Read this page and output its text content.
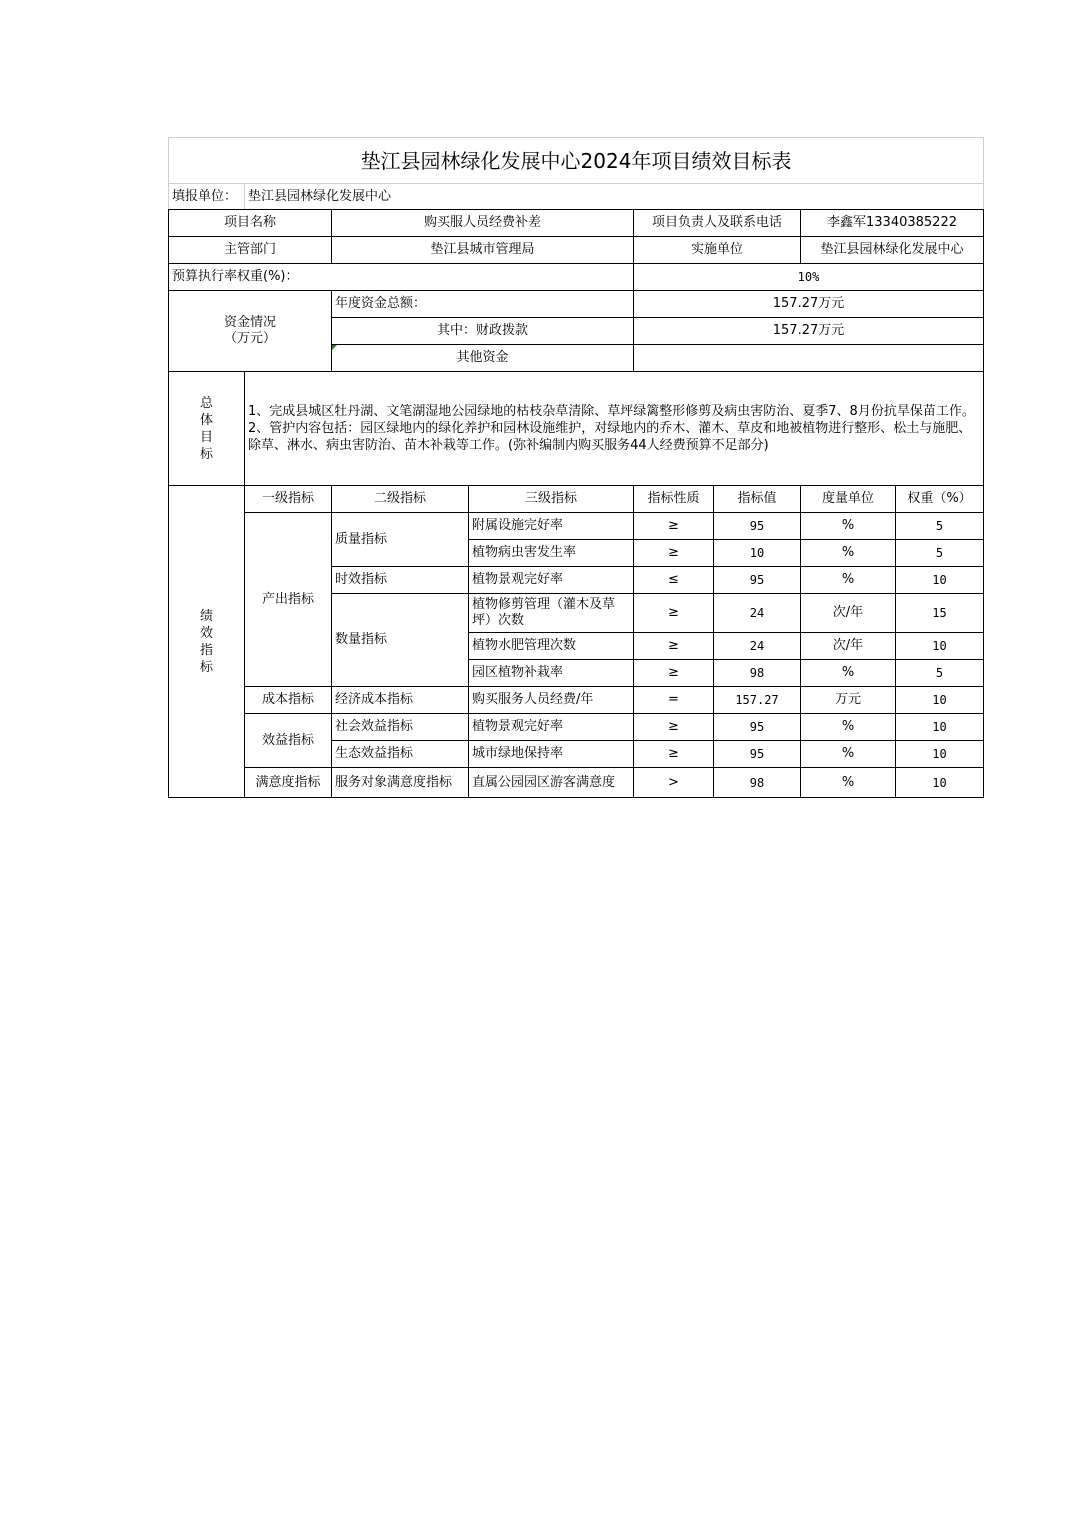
垫江县园林绿化发展中心2024年项目绩效目标表							
填报单位：	垫江县园林绿化发展中心						
项目名称		购买服人员经费补差		项目负责人及联系电话		李鑫军13340385222	
主管部门		垫江县城市管理局		实施单位		垫江县园林绿化发展中心	
预算执行率权重(%)：				10%			

资金情况
（万元）		年度资金总额：		157.27万元			
		其中：财政拨款		157.27万元			
		其他资金					

总
体
目
标	1、完成县城区牡丹湖、文笔湖湿地公园绿地的枯枝杂草清除、草坪绿篱整形修剪及病虫害防治、夏季7、8月份抗旱保苗工作。　　2、管护内容包括：园区绿地内的绿化养护和园林设施维护，对绿地内的乔木、灌木、草皮和地被植物进行整形、松土与施肥、除草、淋水、病虫害防治、苗木补栽等工作。(弥补编制内购买服务44人经费预算不足部分)						

绩
效
指
标	一级指标	二级指标	三级指标	指标性质	指标值	度量单位	权重（%）
	产出指标	质量指标	附属设施完好率	≥	95	%	5
			植物病虫害发生率	≥	10	%	5
		时效指标	植物景观完好率	≤	95	%	10
		数量指标	植物修剪管理（灌木及草坪）次数	≥	24	次/年	15
			植物水肥管理次数	≥	24	次/年	10
			园区植物补栽率	≥	98	%	5
	成本指标	经济成本指标	购买服务人员经费/年	=	157.27	万元	10
	效益指标	社会效益指标	植物景观完好率	≥	95	%	10
		生态效益指标	城市绿地保持率	≥	95	%	10
	满意度指标	服务对象满意度指标	直属公园园区游客满意度	>	98	%	10
